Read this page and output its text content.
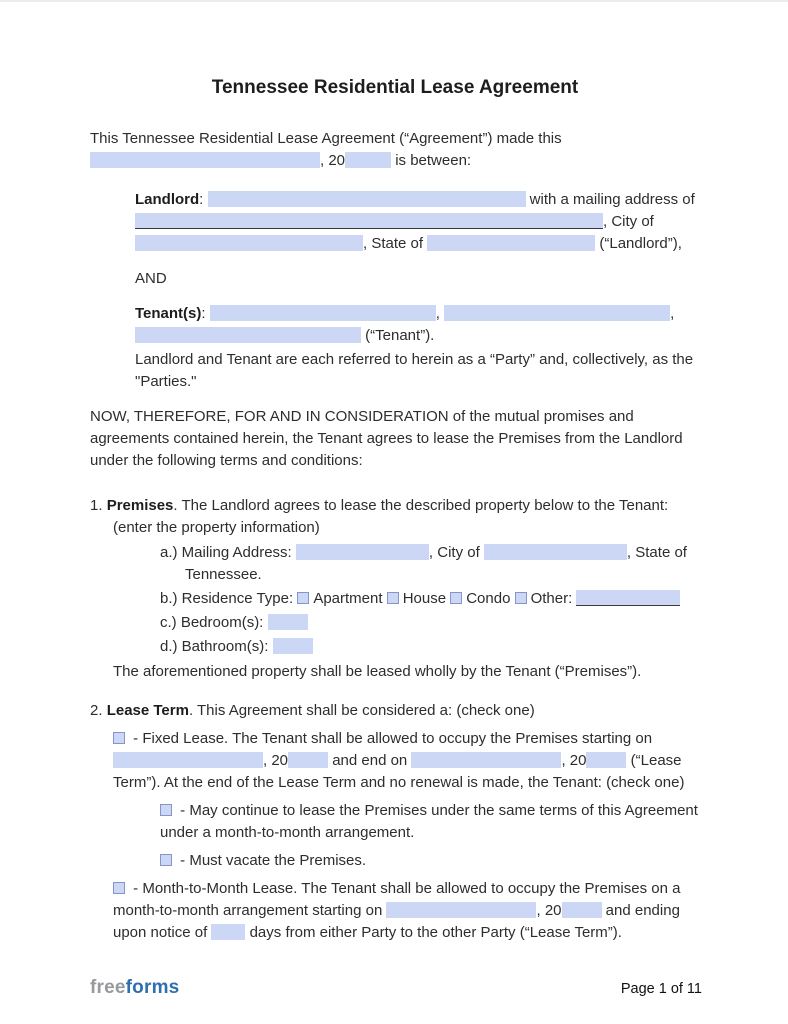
Tennessee Residential Lease Agreement

This Tennessee Residential Lease Agreement (“Agreement”) made this , 20	is between:

Landlord:	with a mailing address of , City of , State of	(“Landlord”),

AND

Tenant(s):	,	, (“Tenant”).

Landlord and Tenant are each referred to herein as a “Party” and, collectively, as the "Parties."

NOW, THEREFORE, FOR AND IN CONSIDERATION of the mutual promises and agreements contained herein, the Tenant agrees to lease the Premises from the Landlord under the following terms and conditions:

1. Premises. The Landlord agrees to lease the described property below to the Tenant: (enter the property information)

a.) Mailing Address:	, City of	, State of Tennessee.

b.) Residence Type: Apartment House Condo Other:

c.) Bedroom(s):

d.) Bathroom(s):

The aforementioned property shall be leased wholly by the Tenant (“Premises”).

2. Lease Term. This Agreement shall be considered a: (check one)

- Fixed Lease. The Tenant shall be allowed to occupy the Premises starting on , 20	and end on	, 20	(“Lease Term”). At the end of the Lease Term and no renewal is made, the Tenant: (check one)

- May continue to lease the Premises under the same terms of this Agreement under a month-to-month arrangement.

- Must vacate the Premises.

- Month-to-Month Lease. The Tenant shall be allowed to occupy the Premises on a month-to-month arrangement starting on	, 20	and ending upon notice of  days from either Party to the other Party (“Lease Term”).

freeforms	Page 1 of 11
